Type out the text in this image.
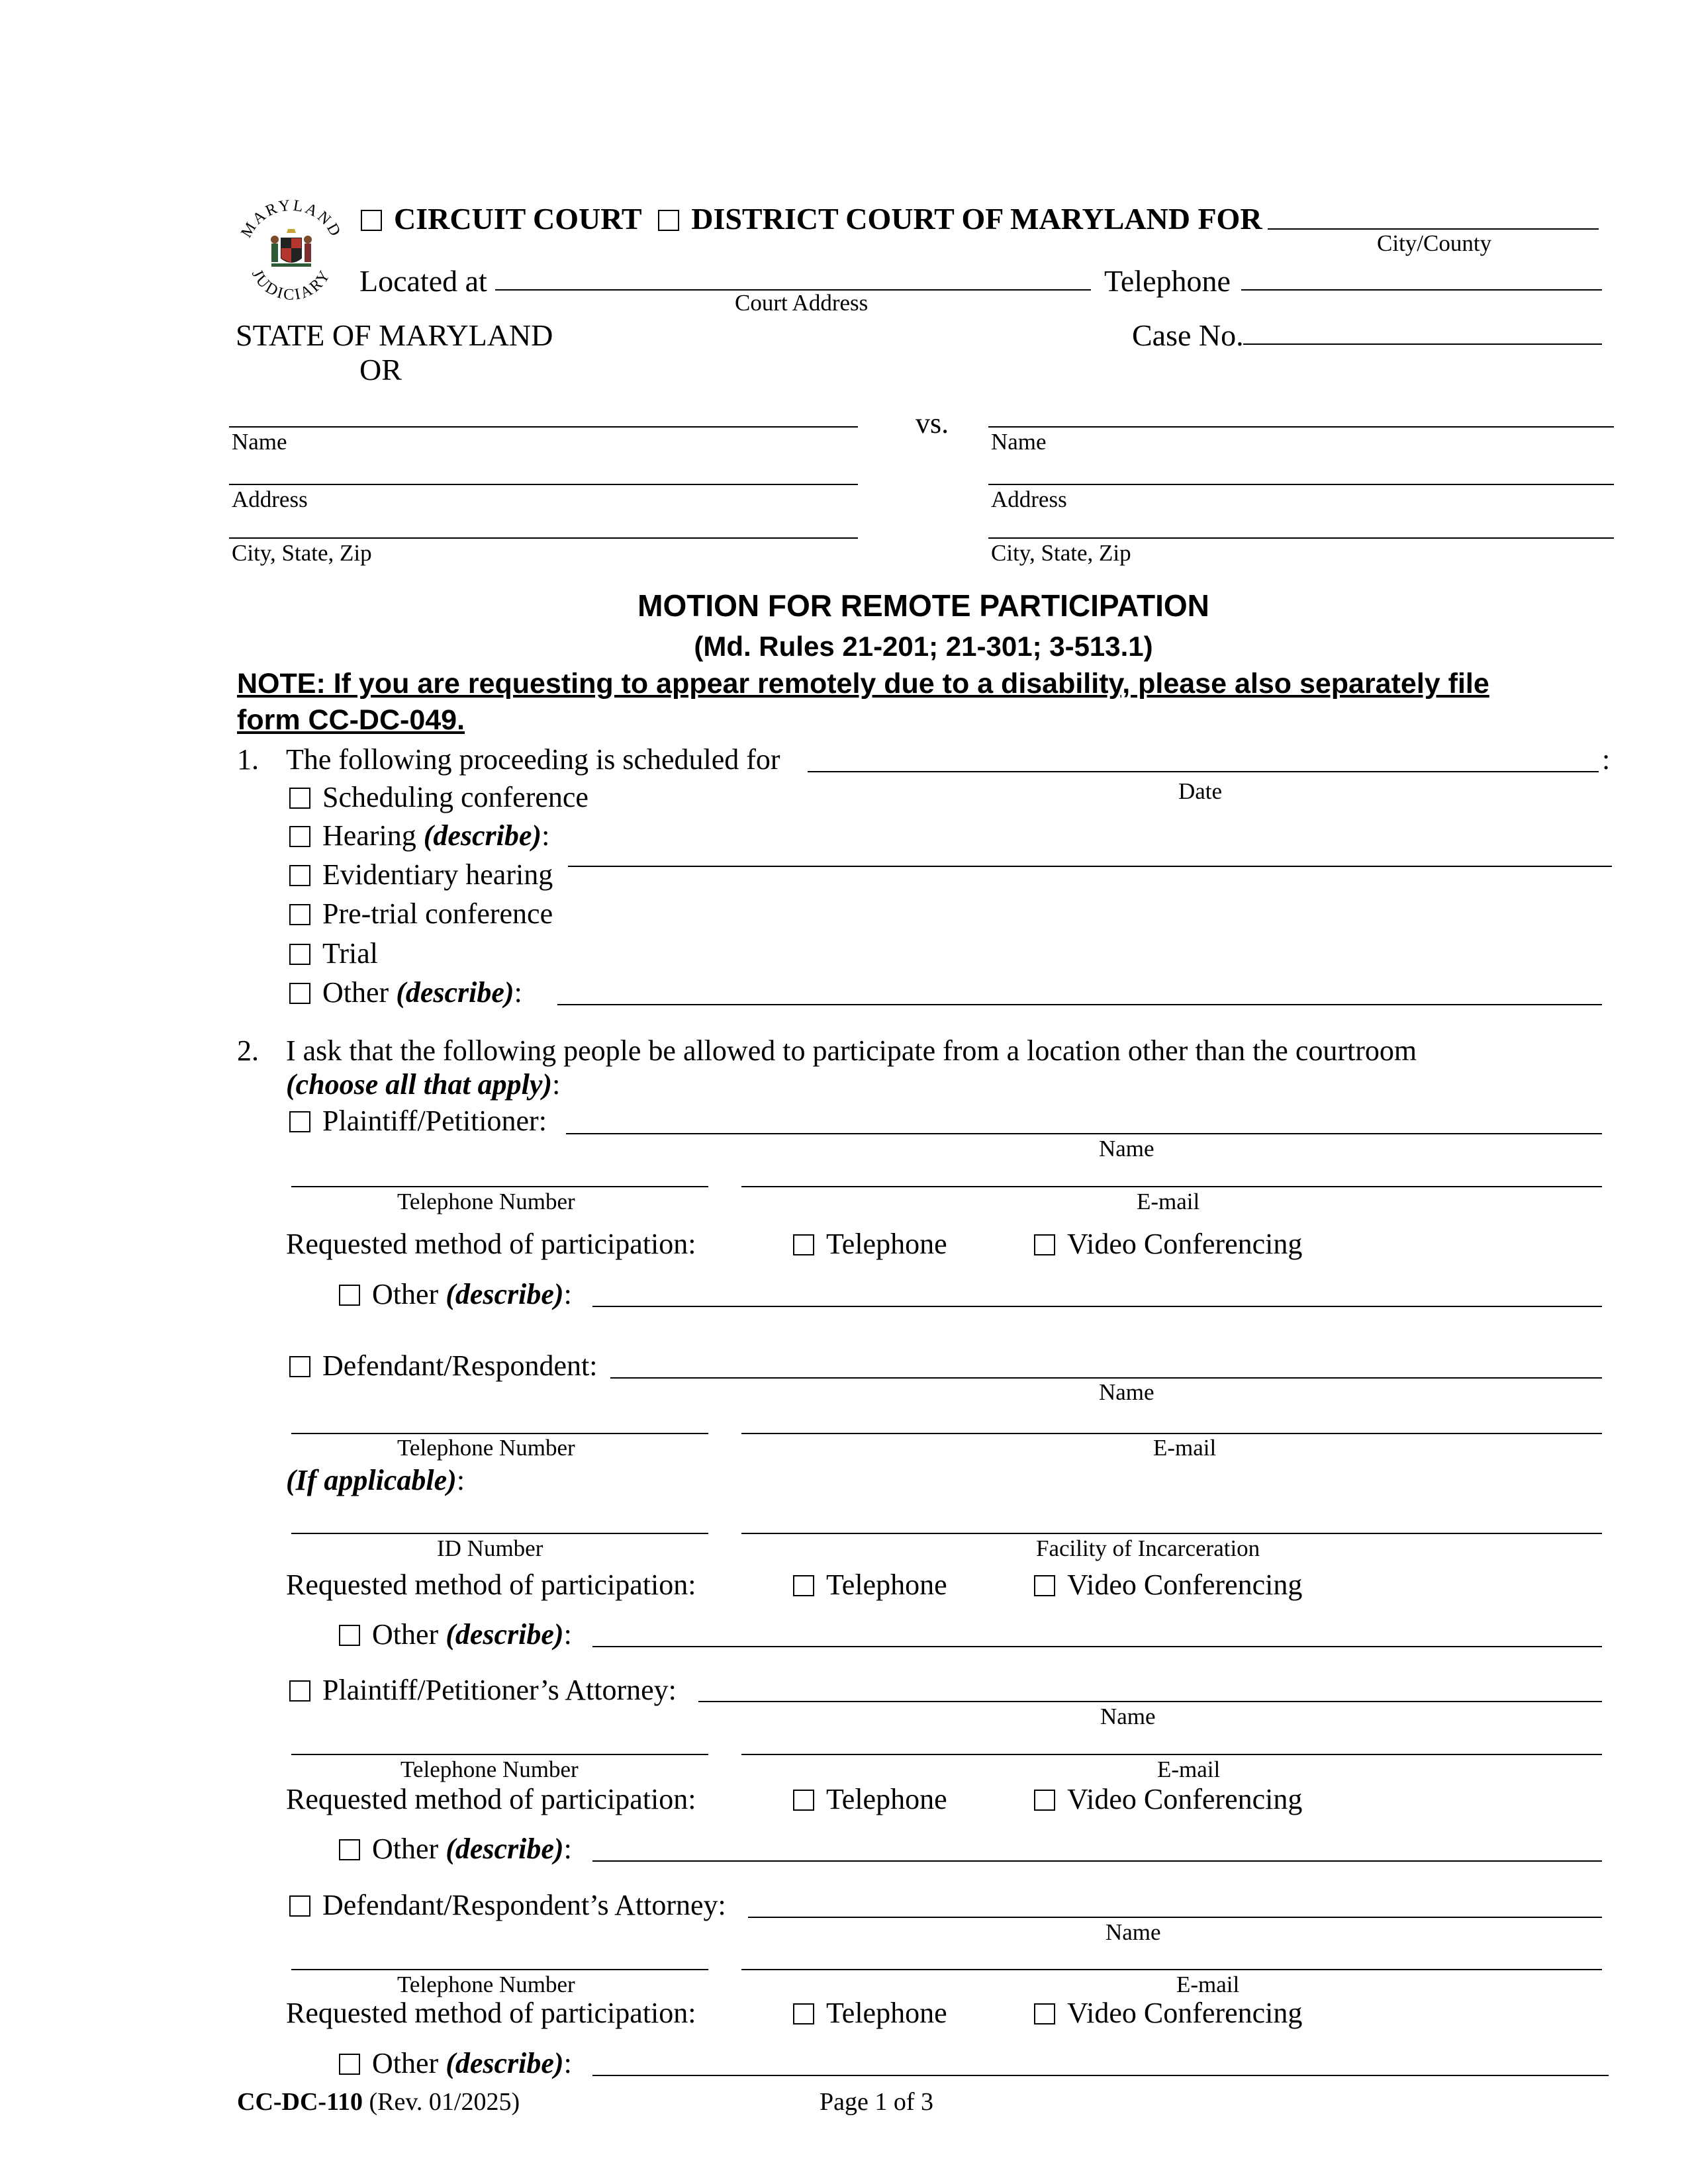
MARYLAND
JUDICIARY
CIRCUIT COURT DISTRICT COURT OF MARYLAND FOR
City/County
Located at
Court Address
Telephone
STATE OF MARYLAND
OR
Case No.
Name
Address
City, State, Zip
vs.
Name
Address
City, State, Zip
MOTION FOR REMOTE PARTICIPATION
(Md. Rules 21-201; 21-301; 3-513.1)
NOTE: If you are requesting to appear remotely due to a disability, please also separately file
form CC-DC-049.
1. The following proceeding is scheduled for	:
Date
Scheduling conference
Hearing (describe):
Evidentiary hearing
Pre-trial conference
Trial
Other (describe):
2. I ask that the following people be allowed to participate from a location other than the courtroom
(choose all that apply):
Plaintiff/Petitioner:
Name
Telephone Number	E-mail
Requested method of participation:	Telephone	Video Conferencing
Other (describe):
Defendant/Respondent:
Name
Telephone Number	E-mail
(If applicable):
ID Number	Facility of Incarceration
Requested method of participation:	Telephone	Video Conferencing
Other (describe):
Plaintiff/Petitioner’s Attorney:
Name
Telephone Number	E-mail
Requested method of participation:	Telephone	Video Conferencing
Other (describe):
Defendant/Respondent’s Attorney:
Name
Telephone Number	E-mail
Requested method of participation:	Telephone	Video Conferencing
Other (describe):
CC-DC-110 (Rev. 01/2025)	Page 1 of 3
